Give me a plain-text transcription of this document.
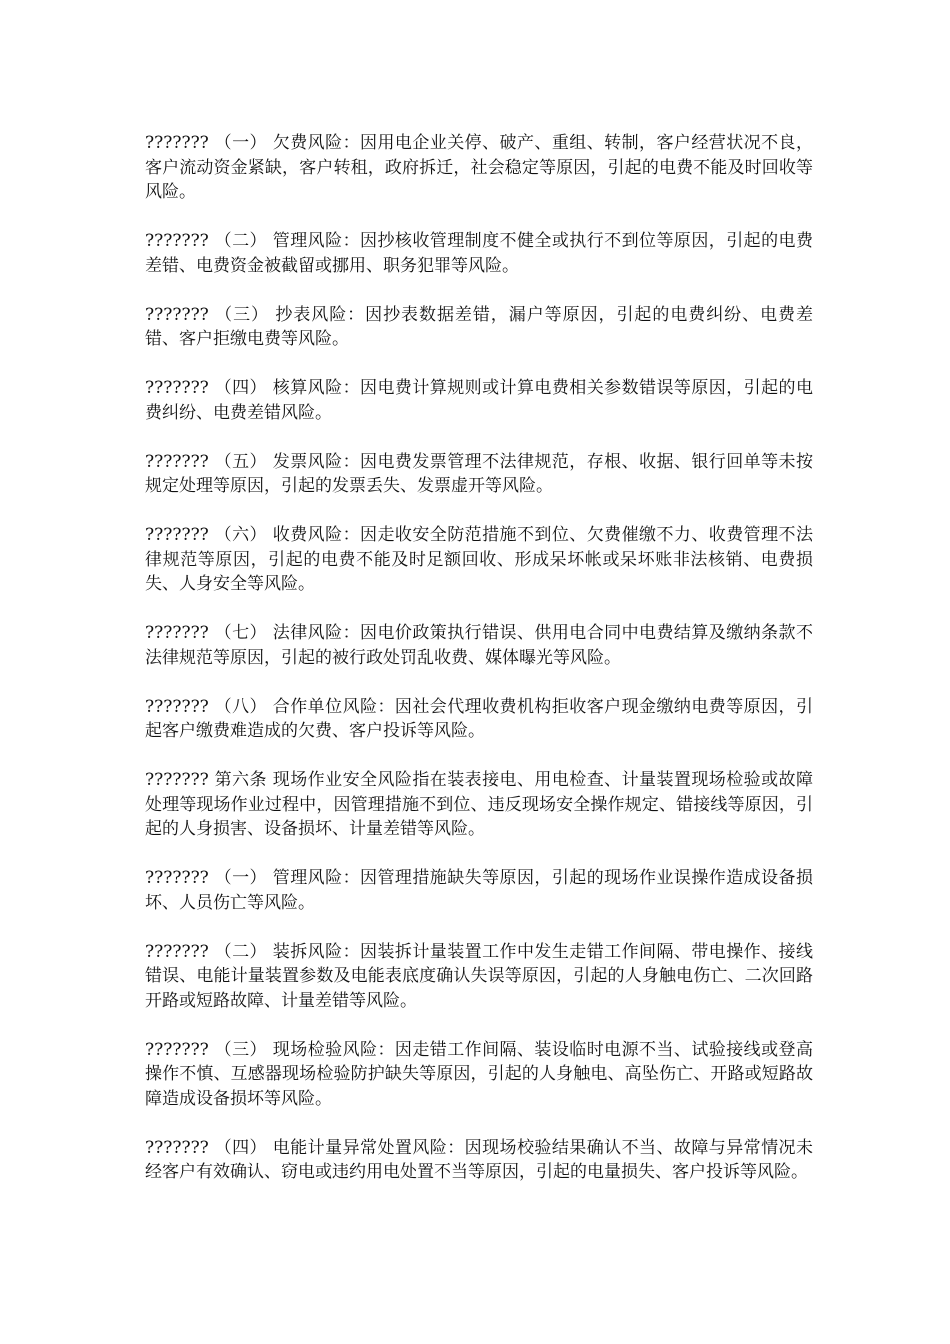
??????? （一） 欠费风险：因用电企业关停、破产、重组、转制，客户经营状况不良，客户流动资金紧缺，客户转租，政府拆迁，社会稳定等原因，引起的电费不能及时回收等风险。

??????? （二） 管理风险：因抄核收管理制度不健全或执行不到位等原因，引起的电费差错、电费资金被截留或挪用、职务犯罪等风险。

??????? （三） 抄表风险：因抄表数据差错，漏户等原因，引起的电费纠纷、电费差错、客户拒缴电费等风险。

??????? （四） 核算风险：因电费计算规则或计算电费相关参数错误等原因，引起的电费纠纷、电费差错风险。

??????? （五） 发票风险：因电费发票管理不法律规范，存根、收据、银行回单等未按规定处理等原因，引起的发票丢失、发票虚开等风险。

??????? （六） 收费风险：因走收安全防范措施不到位、欠费催缴不力、收费管理不法律规范等原因，引起的电费不能及时足额回收、形成呆坏帐或呆坏账非法核销、电费损失、人身安全等风险。

??????? （七） 法律风险：因电价政策执行错误、供用电合同中电费结算及缴纳条款不法律规范等原因，引起的被行政处罚乱收费、媒体曝光等风险。

??????? （八） 合作单位风险：因社会代理收费机构拒收客户现金缴纳电费等原因，引起客户缴费难造成的欠费、客户投诉等风险。

??????? 第六条 现场作业安全风险指在装表接电、用电检查、计量装置现场检验或故障处理等现场作业过程中，因管理措施不到位、违反现场安全操作规定、错接线等原因，引起的人身损害、设备损坏、计量差错等风险。

??????? （一） 管理风险：因管理措施缺失等原因，引起的现场作业误操作造成设备损坏、人员伤亡等风险。

??????? （二） 装拆风险：因装拆计量装置工作中发生走错工作间隔、带电操作、接线错误、电能计量装置参数及电能表底度确认失误等原因，引起的人身触电伤亡、二次回路开路或短路故障、计量差错等风险。

??????? （三） 现场检验风险：因走错工作间隔、装设临时电源不当、试验接线或登高操作不慎、互感器现场检验防护缺失等原因，引起的人身触电、高坠伤亡、开路或短路故障造成设备损坏等风险。

??????? （四） 电能计量异常处置风险：因现场校验结果确认不当、故障与异常情况未经客户有效确认、窃电或违约用电处置不当等原因，引起的电量损失、客户投诉等风险。
